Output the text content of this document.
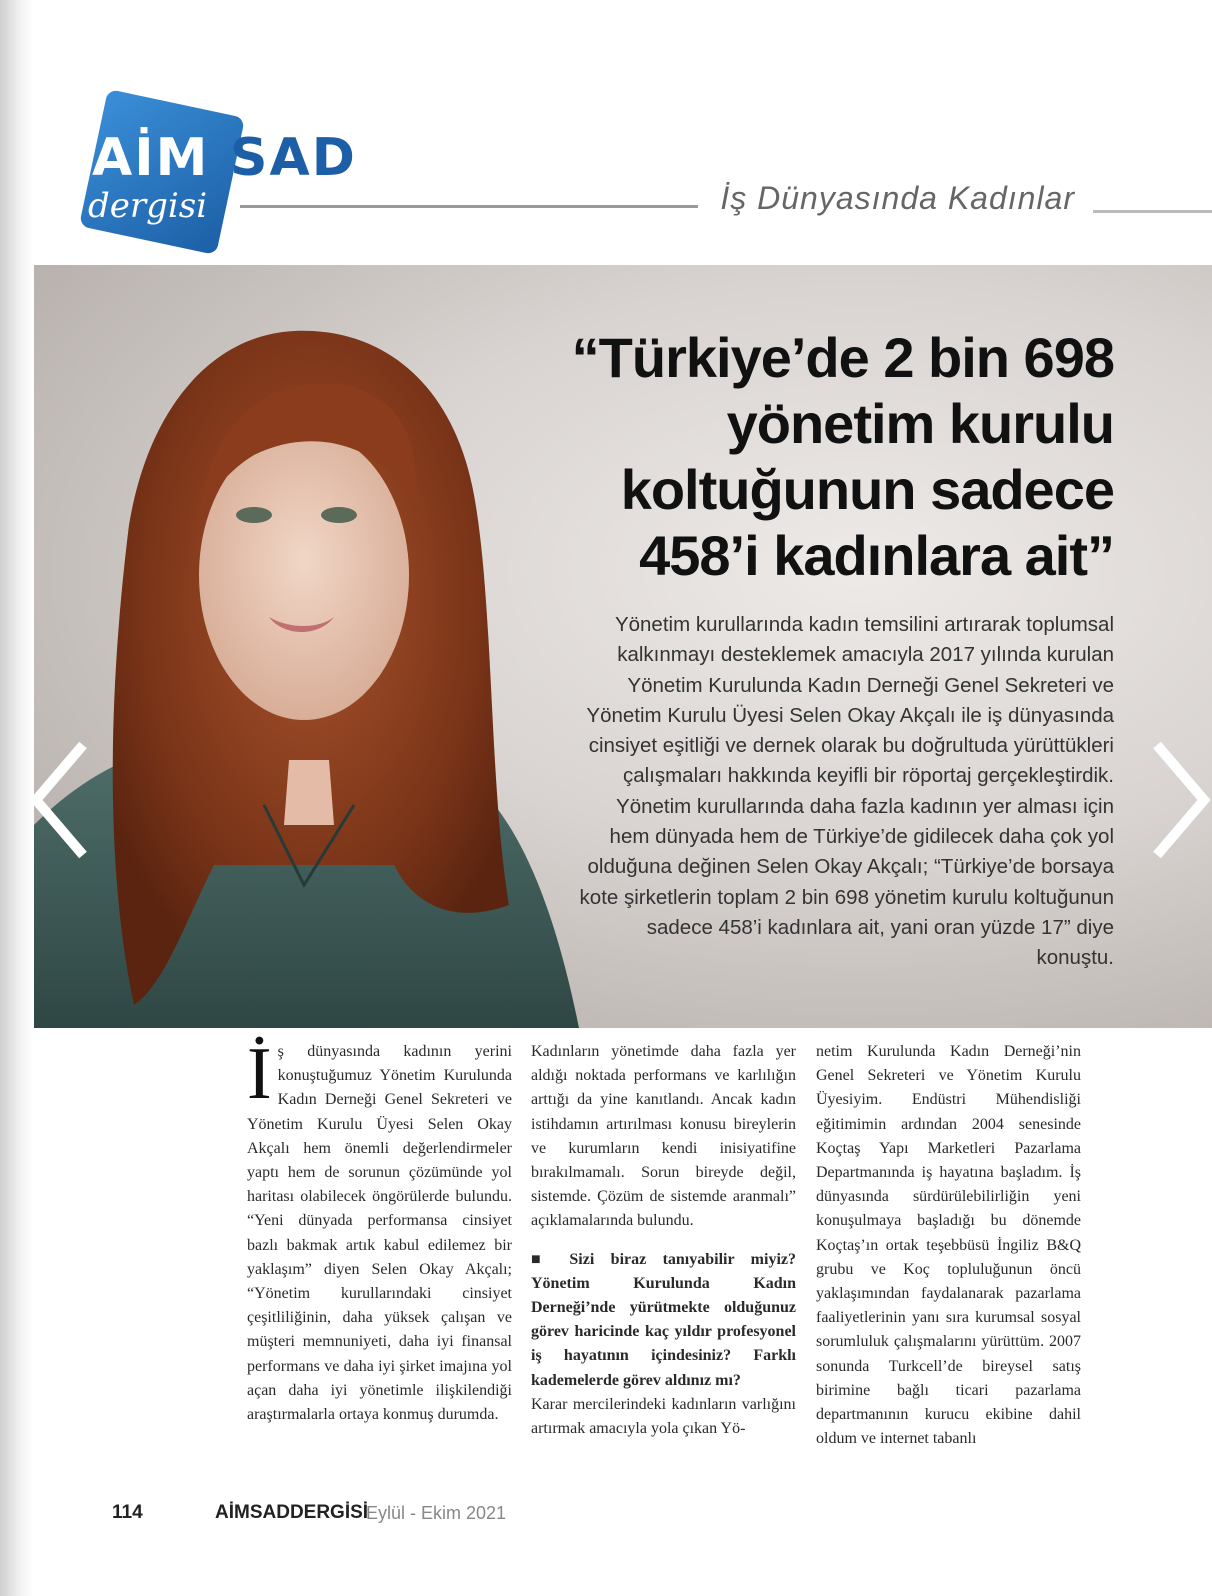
AİM SAD
dergisi	İş Dünyasında Kadınlar
“Türkiye’de 2 bin 698 yönetim kurulu koltuğunun sadece 458’i kadınlara ait”
Yönetim kurullarında kadın temsilini artırarak toplumsal kalkınmayı desteklemek amacıyla 2017 yılında kurulan Yönetim Kurulunda Kadın Derneği Genel Sekreteri ve Yönetim Kurulu Üyesi Selen Okay Akçalı ile iş dünyasında cinsiyet eşitliği ve dernek olarak bu doğrultuda yürüttükleri çalışmaları hakkında keyifli bir röportaj gerçekleştirdik. Yönetim kurullarında daha fazla kadının yer alması için hem dünyada hem de Türkiye’de gidilecek daha çok yol olduğuna değinen Selen Okay Akçalı; “Türkiye’de borsaya kote şirketlerin toplam 2 bin 698 yönetim kurulu koltuğunun sadece 458’i kadınlara ait, yani oran yüzde 17” diye konuştu.
İş dünyasında kadının yerini konuştuğumuz Yönetim Kurulunda Kadın Derneği Genel Sekreteri ve Yönetim Kurulu Üyesi Selen Okay Akçalı hem önemli değerlendirmeler yaptı hem de sorunun çözümünde yol haritası olabilecek öngörülerde bulundu. “Yeni dünyada performansa cinsiyet bazlı bakmak artık kabul edilemez bir yaklaşım” diyen Selen Okay Akçalı; “Yönetim kurullarındaki cinsiyet çeşitliliğinin, daha yüksek çalışan ve müşteri memnuniyeti, daha iyi finansal performans ve daha iyi şirket imajına yol açan daha iyi yönetimle ilişkilendiği araştırmalarla ortaya konmuş durumda.
Kadınların yönetimde daha fazla yer aldığı noktada performans ve karlılığın arttığı da yine kanıtlandı. Ancak kadın istihdamın artırılması konusu bireylerin ve kurumların kendi inisiyatifine bırakılmamalı. Sorun bireyde değil, sistemde. Çözüm de sistemde aranmalı” açıklamalarında bulundu.
■ Sizi biraz tanıyabilir miyiz? Yönetim Kurulunda Kadın Derneği’nde yürütmekte olduğunuz görev haricinde kaç yıldır profesyonel iş hayatının içindesiniz? Farklı kademelerde görev aldınız mı?
Karar mercilerindeki kadınların varlığını artırmak amacıyla yola çıkan Yö-
netim Kurulunda Kadın Derneği’nin Genel Sekreteri ve Yönetim Kurulu Üyesiyim. Endüstri Mühendisliği eğitimimin ardından 2004 senesinde Koçtaş Yapı Marketleri Pazarlama Departmanında iş hayatına başladım. İş dünyasında sürdürülebilirliğin yeni konuşulmaya başladığı bu dönemde Koçtaş’ın ortak teşebbüsü İngiliz B&Q grubu ve Koç topluluğunun öncü yaklaşımından faydalanarak pazarlama faaliyetlerinin yanı sıra kurumsal sosyal sorumluluk çalışmalarını yürüttüm. 2007 sonunda Turkcell’de bireysel satış birimine bağlı ticari pazarlama departmanının kurucu ekibine dahil oldum ve internet tabanlı
114	AİMSADDERGİSİ
Eylül - Ekim 2021
